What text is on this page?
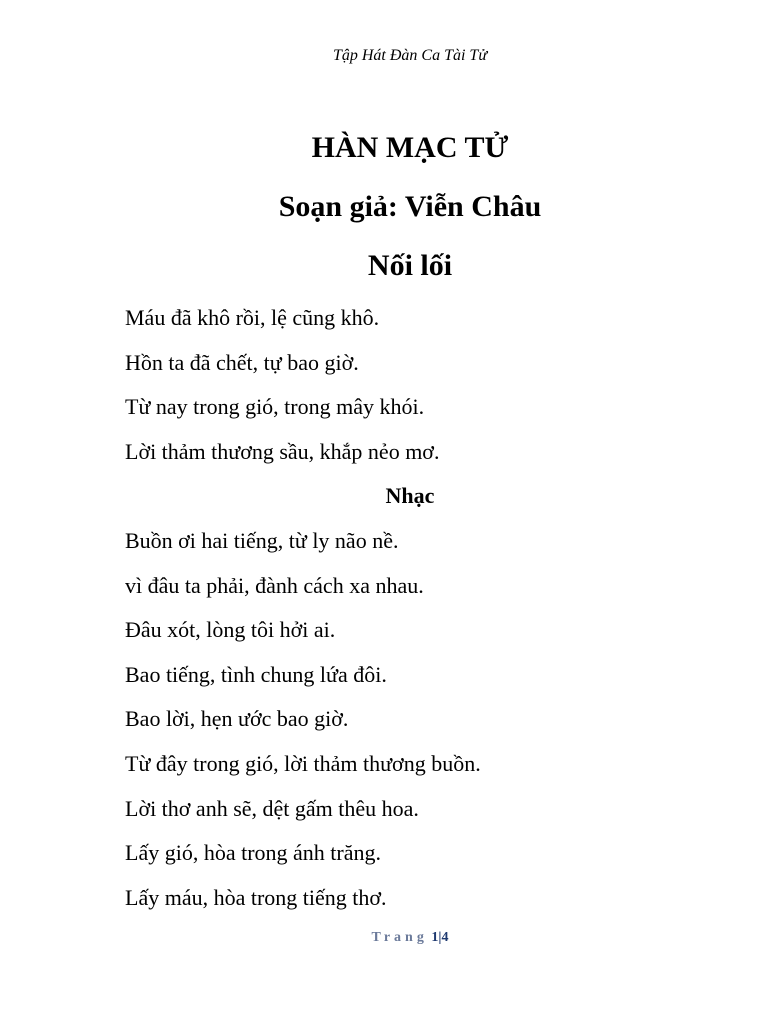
Tập Hát Đàn Ca Tài Tử
HÀN MẠC TỬ
Soạn giả: Viễn Châu
Nối lối
Máu đã khô rồi, lệ cũng khô.
Hồn ta đã chết, tự bao giờ.
Từ nay trong gió, trong mây khói.
Lời thảm thương sầu, khắp nẻo mơ.
Nhạc
Buồn ơi hai tiếng, từ ly não nề.
vì đâu ta phải, đành cách xa nhau.
Đâu xót, lòng tôi hởi ai.
Bao tiếng, tình chung lứa đôi.
Bao lời, hẹn ước bao giờ.
Từ đây trong gió, lời thảm thương buồn.
Lời thơ anh sẽ, dệt gấm thêu hoa.
Lấy gió, hòa trong ánh trăng.
Lấy máu, hòa trong tiếng thơ.
Trang 1|4
